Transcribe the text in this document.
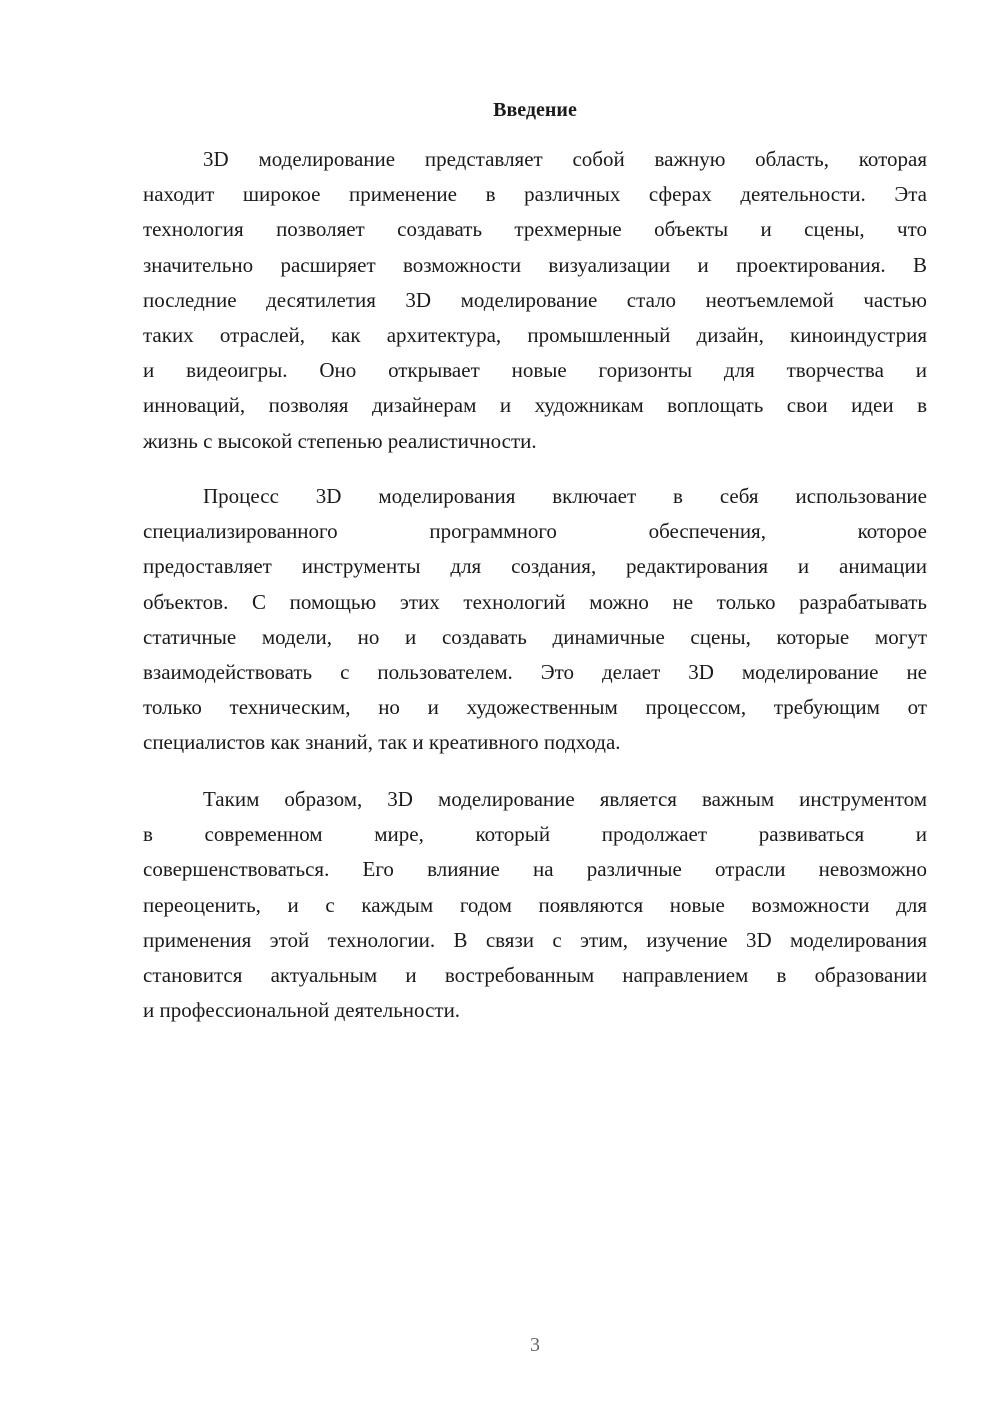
Введение
3D моделирование представляет собой важную область, которая
находит широкое применение в различных сферах деятельности. Эта
технология позволяет создавать трехмерные объекты и сцены, что
значительно расширяет возможности визуализации и проектирования. В
последние десятилетия 3D моделирование стало неотъемлемой частью
таких отраслей, как архитектура, промышленный дизайн, киноиндустрия
и видеоигры. Оно открывает новые горизонты для творчества и
инноваций, позволяя дизайнерам и художникам воплощать свои идеи в
жизнь с высокой степенью реалистичности.
Процесс 3D моделирования включает в себя использование
специализированного программного обеспечения, которое
предоставляет инструменты для создания, редактирования и анимации
объектов. С помощью этих технологий можно не только разрабатывать
статичные модели, но и создавать динамичные сцены, которые могут
взаимодействовать с пользователем. Это делает 3D моделирование не
только техническим, но и художественным процессом, требующим от
специалистов как знаний, так и креативного подхода.
Таким образом, 3D моделирование является важным инструментом
в современном мире, который продолжает развиваться и
совершенствоваться. Его влияние на различные отрасли невозможно
переоценить, и с каждым годом появляются новые возможности для
применения этой технологии. В связи с этим, изучение 3D моделирования
становится актуальным и востребованным направлением в образовании
и профессиональной деятельности.
3
